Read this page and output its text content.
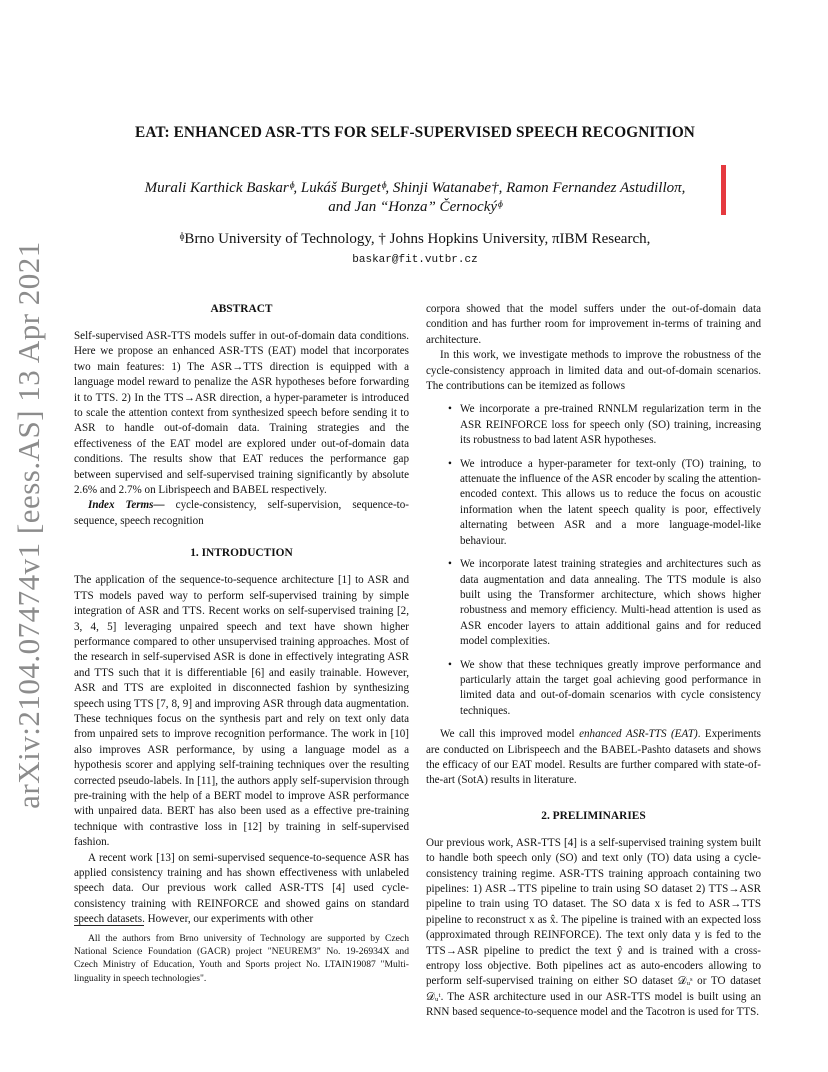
arXiv:2104.07474v1 [eess.AS] 13 Apr 2021
EAT: ENHANCED ASR-TTS FOR SELF-SUPERVISED SPEECH RECOGNITION
Murali Karthick Baskarᶲ, Lukáš Burgetᶲ, Shinji Watanabe†, Ramon Fernandez Astudilloπ,
and Jan “Honza” Černockýᶲ
ᶲBrno University of Technology, † Johns Hopkins University, πIBM Research,
baskar@fit.vutbr.cz
ABSTRACT

Self-supervised ASR-TTS models suffer in out-of-domain data conditions. Here we propose an enhanced ASR-TTS (EAT) model that incorporates two main features: 1) The ASR→TTS direction is equipped with a language model reward to penalize the ASR hypotheses before forwarding it to TTS. 2) In the TTS→ASR direction, a hyper-parameter is introduced to scale the attention context from synthesized speech before sending it to ASR to handle out-of-domain data. Training strategies and the effectiveness of the EAT model are explored under out-of-domain data conditions. The results show that EAT reduces the performance gap between supervised and self-supervised training significantly by absolute 2.6% and 2.7% on Librispeech and BABEL respectively.

Index Terms— cycle-consistency, self-supervision, sequence-to-sequence, speech recognition

1. INTRODUCTION

The application of the sequence-to-sequence architecture [1] to ASR and TTS models paved way to perform self-supervised training by simple integration of ASR and TTS. Recent works on self-supervised training [2, 3, 4, 5] leveraging unpaired speech and text have shown higher performance compared to other unsupervised training approaches. Most of the research in self-supervised ASR is done in effectively integrating ASR and TTS such that it is differentiable [6] and easily trainable. However, ASR and TTS are exploited in disconnected fashion by synthesizing speech using TTS [7, 8, 9] and improving ASR through data augmentation. These techniques focus on the synthesis part and rely on text only data from unpaired sets to improve recognition performance. The work in [10] also improves ASR performance, by using a language model as a hypothesis scorer and applying self-training techniques over the resulting corrected pseudo-labels. In [11], the authors apply self-supervision through pre-training with the help of a BERT model to improve ASR performance with unpaired data. BERT has also been used as a effective pre-training technique with contrastive loss in [12] by training in self-supervised fashion.

A recent work [13] on semi-supervised sequence-to-sequence ASR has applied consistency training and has shown effectiveness with unlabeled speech data. Our previous work called ASR-TTS [4] used cycle-consistency training with REINFORCE and showed gains on standard speech datasets. However, our experiments with other

All the authors from Brno university of Technology are supported by Czech National Science Foundation (GACR) project "NEUREM3" No. 19-26934X and Czech Ministry of Education, Youth and Sports project No. LTAIN19087 "Multi-linguality in speech technologies".

corpora showed that the model suffers under the out-of-domain data condition and has further room for improvement in-terms of training and architecture.

In this work, we investigate methods to improve the robustness of the cycle-consistency approach in limited data and out-of-domain scenarios. The contributions can be itemized as follows

• We incorporate a pre-trained RNNLM regularization term in the ASR REINFORCE loss for speech only (SO) training, increasing its robustness to bad latent ASR hypotheses.
• We introduce a hyper-parameter for text-only (TO) training, to attenuate the influence of the ASR encoder by scaling the attention-encoded context. This allows us to reduce the focus on acoustic information when the latent speech quality is poor, effectively alternating between ASR and a more language-model-like behaviour.
• We incorporate latest training strategies and architectures such as data augmentation and data annealing. The TTS module is also built using the Transformer architecture, which shows higher robustness and memory efficiency. Multi-head attention is used as ASR encoder layers to attain additional gains and for reduced model complexities.
• We show that these techniques greatly improve performance and particularly attain the target goal achieving good performance in limited data and out-of-domain scenarios with cycle consistency techniques.

We call this improved model enhanced ASR-TTS (EAT). Experiments are conducted on Librispeech and the BABEL-Pashto datasets and shows the efficacy of our EAT model. Results are further compared with state-of-the-art (SotA) results in literature.

2. PRELIMINARIES

Our previous work, ASR-TTS [4] is a self-supervised training system built to handle both speech only (SO) and text only (TO) data using a cycle-consistency training regime. ASR-TTS training approach containing two pipelines: 1) ASR→TTS pipeline to train using SO dataset 2) TTS→ASR pipeline to train using TO dataset. The SO data x is fed to ASR→TTS pipeline to reconstruct x as x̂. The pipeline is trained with an expected loss (approximated through REINFORCE). The text only data y is fed to the TTS→ASR pipeline to predict the text ŷ and is trained with a cross-entropy loss objective. Both pipelines act as auto-encoders allowing to perform self-supervised training on either SO dataset 𝒟ᵤˢ or TO dataset 𝒟ᵤᵗ. The ASR architecture used in our ASR-TTS model is built using an RNN based sequence-to-sequence model and the Tacotron is used for TTS.
